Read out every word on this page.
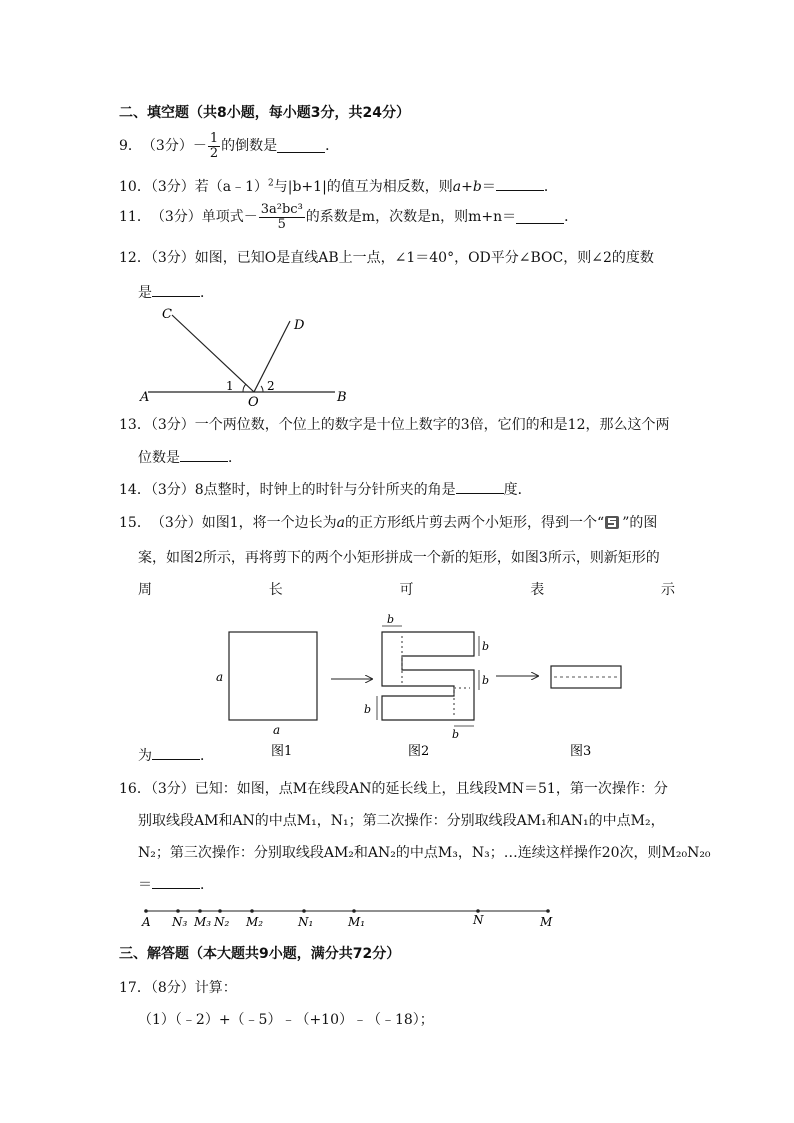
二、填空题（共8小题，每小题3分，共24分）
9． （3分） － $\frac{1}{2}$ 的倒数是	．
10．（3分）若（a﹣1）$^2$与|b+1|的值互为相反数，则a+b＝	．
11． （3分） 单项式 － $\frac{\text{3a²bc³}}{5}$ 的系数是m，次数是n，则m+n＝	．
12．（3分）如图，已知O是直线AB上一点，∠1＝40°，OD平分∠BOC，则∠2的度数
是	．
A	B
C
D
O
1	2
13．（3分）一个两位数，个位上的数字是十位上数字的3倍，它们的和是12，那么这个两
位数是	．
14．（3分）8点整时，时钟上的时针与分针所夹的角是	度．
15． （3分） 如图1，将一个边长为 a 的正方形纸片剪去两个小矩形，得到一个“ ”的图
案，如图2所示，再将剪下的两个小矩形拼成一个新的矩形，如图3所示，则新矩形的
周	长	可	表	示
为	．
a
a
图1
b
b
b
b
b
图2	图3
16．（3分）已知：如图，点M在线段AN的延长线上，且线段MN＝51，第一次操作：分
别取线段AM和AN的中点M₁，N₁；第二次操作：分别取线段AM₁和AN₁的中点M₂，
N₂；第三次操作：分别取线段AM₂和AN₂的中点M₃，N₃；…连续这样操作20次，则M₂₀N₂₀
＝	．
A N₃ M₃ N₂ M₂	N₁	M₁	N	M
三、解答题（本大题共9小题，满分共72分）
17．（8分）计算：
（1）（﹣2）+（﹣5）﹣（+10）﹣（﹣18）；
